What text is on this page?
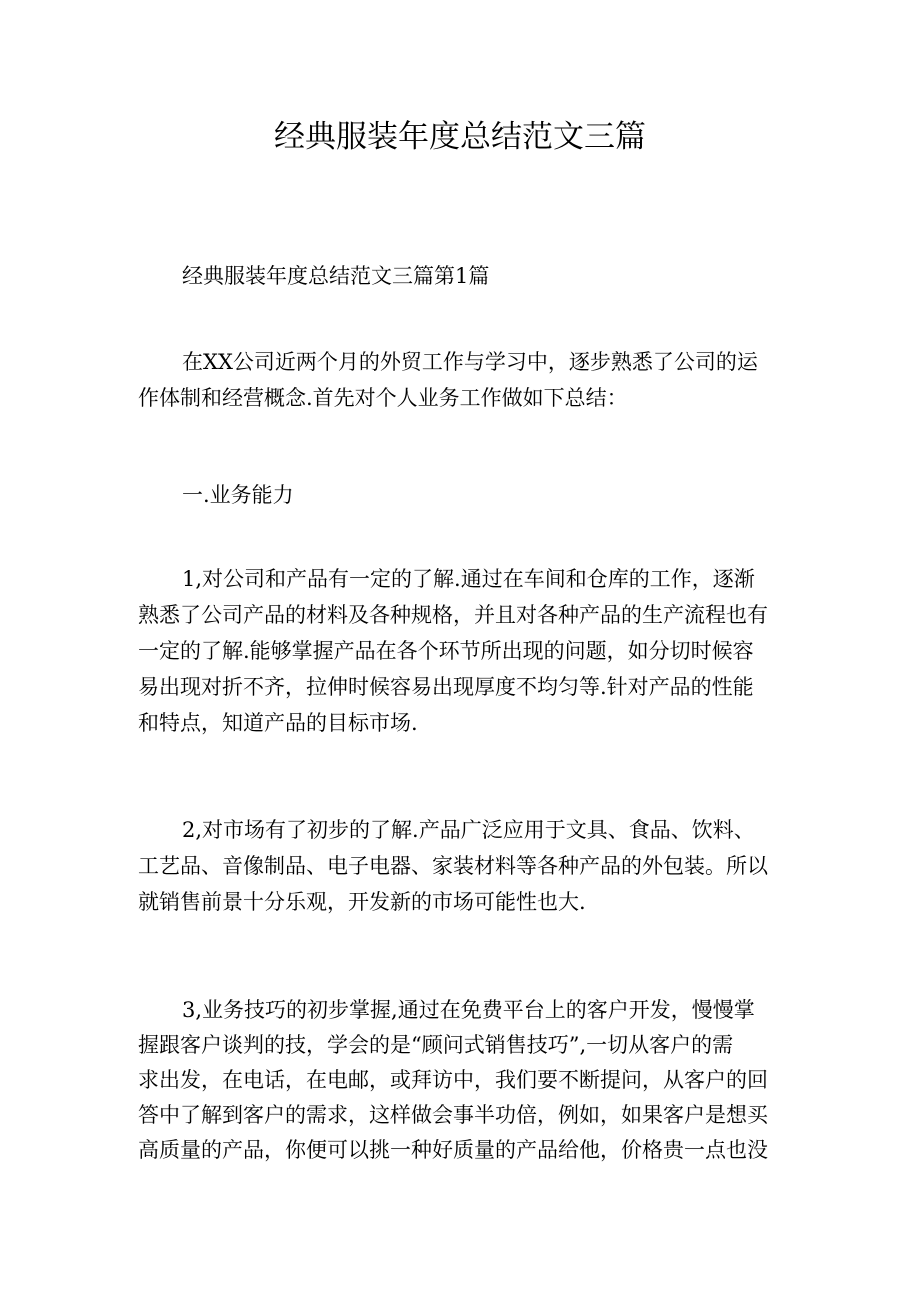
经典服装年度总结范文三篇
经典服装年度总结范文三篇第1篇
在XX公司近两个月的外贸工作与学习中，逐步熟悉了公司的运
作体制和经营概念.首先对个人业务工作做如下总结：
一.业务能力
1,对公司和产品有一定的了解.通过在车间和仓库的工作，逐渐
熟悉了公司产品的材料及各种规格，并且对各种产品的生产流程也有
一定的了解.能够掌握产品在各个环节所出现的问题，如分切时候容
易出现对折不齐，拉伸时候容易出现厚度不均匀等.针对产品的性能
和特点，知道产品的目标市场.
2,对市场有了初步的了解.产品广泛应用于文具、食品、饮料、
工艺品、音像制品、电子电器、家装材料等各种产品的外包装。所以
就销售前景十分乐观，开发新的市场可能性也大.
3,业务技巧的初步掌握,通过在免费平台上的客户开发，慢慢掌
握跟客户谈判的技，学会的是“顾问式销售技巧”,一切从客户的需
求出发，在电话，在电邮，或拜访中，我们要不断提问，从客户的回
答中了解到客户的需求，这样做会事半功倍，例如，如果客户是想买
高质量的产品，你便可以挑一种好质量的产品给他，价格贵一点也没
